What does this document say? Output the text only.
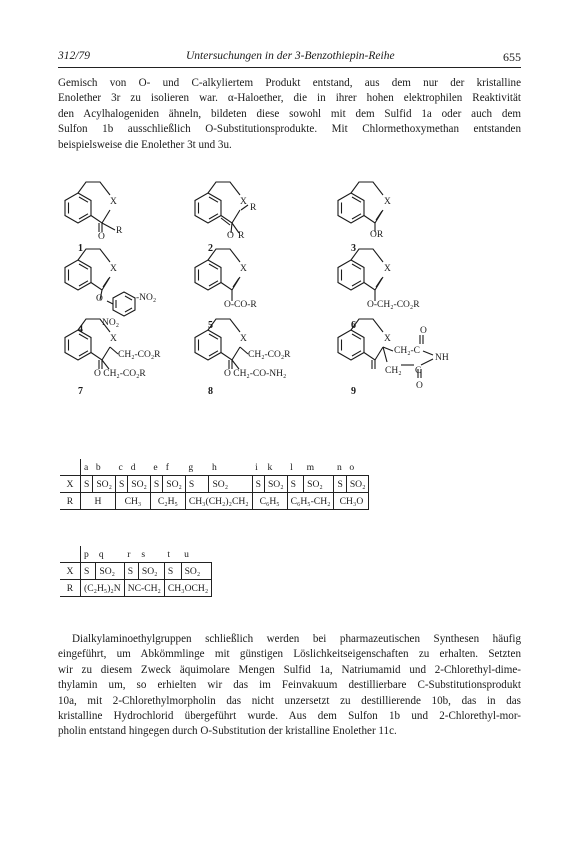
312/79	Untersuchungen in der 3-Benzothiepin-Reihe	655
Gemisch von O- und C-alkyliertem Produkt entstand, aus dem nur der kristalline
Enolether 3r zu isolieren war. α-Haloether, die in ihrer hohen elektrophilen Reaktivität
den Acylhalogeniden ähneln, bildeten diese sowohl mit dem Sulfid 1a oder auch dem
Sulfon 1b ausschließlich O-Substitutionsprodukte. Mit Chlormethoxymethan entstanden
beispielsweise die Enolether 3t und 3u.
X
O
R
1
X
R
O R
2
X
OR
3
X
O	-NO₂
NO₂
4
X
O-CO-R
5
X
O-CH₂-CO₂R
6
X
CH₂-CO₂R
O CH₂-CO₂R
7
X
CH₂-CO₂R
O CH₂-CO-NH₂
8
X
O
CH₂-C
NH
CH₂ C
O
9
	a	b	c	d	e	f	g	h	i	k	l	m	n	o
X	S	SO₂	S	SO₂	S	SO₂	S	SO₂	S	SO₂	S	SO₂	S	SO₂
R	H		CH₃		C₂H₅		CH₃(CH₂)₂CH₂		C₆H₅		C₆H₅-CH₂		CH₃O	
	p	q	r	s	t	u
X	S	SO₂	S	SO₂	S	SO₂
R	(C₂H₅)₂N		NC-CH₂		CH₃OCH₂	
Dialkylaminoethylgruppen schließlich werden bei pharmazeutischen Synthesen häufig
eingeführt, um Abkömmlinge mit günstigen Löslichkeitseigenschaften zu erhalten. Setzten
wir zu diesem Zweck äquimolare Mengen Sulfid 1a, Natriumamid und 2-Chlorethyl-dime-
thylamin um, so erhielten wir das im Feinvakuum destillierbare C-Substitutionsprodukt
10a, mit 2-Chlorethylmorpholin das nicht unzersetzt zu destillierende 10b, das in das
kristalline Hydrochlorid übergeführt wurde. Aus dem Sulfon 1b und 2-Chlorethyl-mor-
pholin entstand hingegen durch O-Substitution der kristalline Enolether 11c.
